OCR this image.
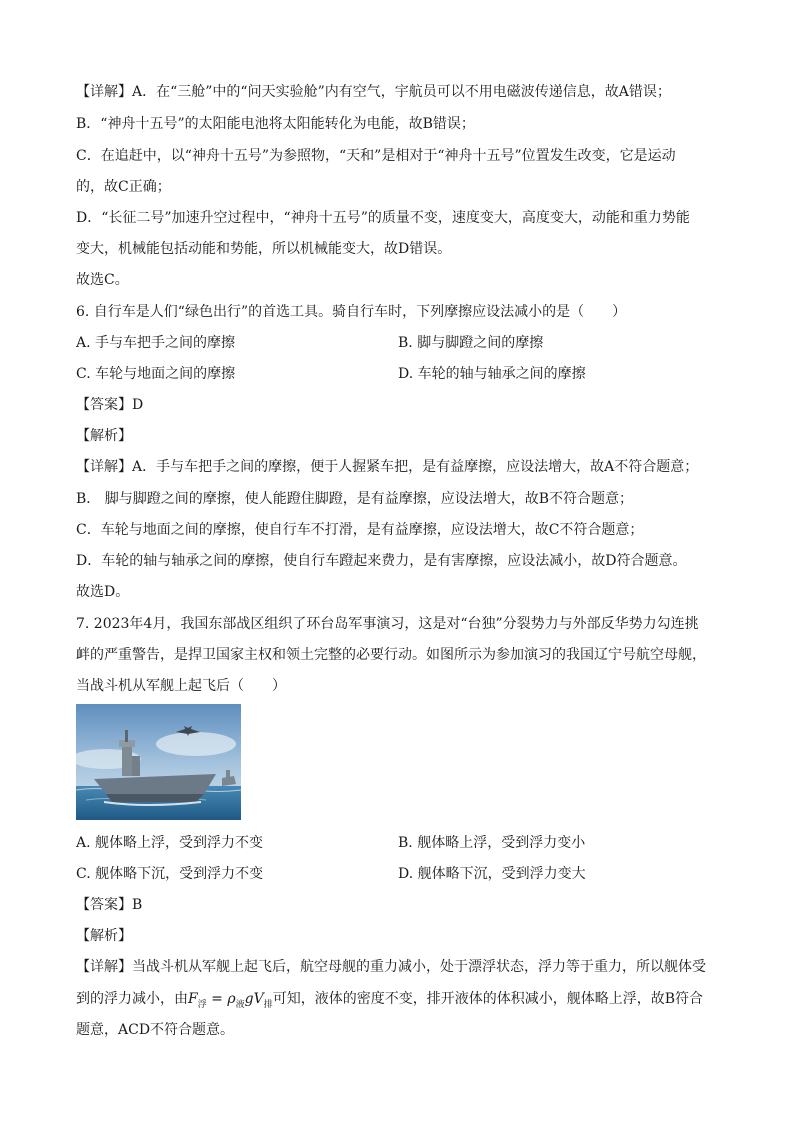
【详解】A．在“三舱”中的“问天实验舱”内有空气，宇航员可以不用电磁波传递信息，故A错误；
B．“神舟十五号”的太阳能电池将太阳能转化为电能，故B错误；
C．在追赶中，以“神舟十五号”为参照物，“天和”是相对于“神舟十五号”位置发生改变，它是运动
的，故C正确；
D．“长征二号”加速升空过程中，“神舟十五号”的质量不变，速度变大，高度变大，动能和重力势能
变大，机械能包括动能和势能，所以机械能变大，故D错误。
故选C。
6. 自行车是人们“绿色出行”的首选工具。骑自行车时，下列摩擦应设法减小的是（　　）
A. 手与车把手之间的摩擦	B. 脚与脚蹬之间的摩擦
C. 车轮与地面之间的摩擦	D. 车轮的轴与轴承之间的摩擦
【答案】D
【解析】
【详解】A．手与车把手之间的摩擦，便于人握紧车把，是有益摩擦，应设法增大，故A不符合题意；
B． 脚与脚蹬之间的摩擦，使人能蹬住脚蹬，是有益摩擦，应设法增大，故B不符合题意；
C．车轮与地面之间的摩擦，使自行车不打滑，是有益摩擦，应设法增大，故C不符合题意；
D．车轮的轴与轴承之间的摩擦，使自行车蹬起来费力，是有害摩擦，应设法减小，故D符合题意。
故选D。
7. 2023年4月，我国东部战区组织了环台岛军事演习，这是对“台独”分裂势力与外部反华势力勾连挑
衅的严重警告，是捍卫国家主权和领土完整的必要行动。如图所示为参加演习的我国辽宁号航空母舰，
当战斗机从军舰上起飞后（　　）
A. 舰体略上浮，受到浮力不变	B. 舰体略上浮，受到浮力变小
C. 舰体略下沉，受到浮力不变	D. 舰体略下沉，受到浮力变大
【答案】B
【解析】
【详解】当战斗机从军舰上起飞后，航空母舰的重力减小，处于漂浮状态，浮力等于重力，所以舰体受
到的浮力减小，由$F_浮 = \rho_液gV_排$可知，液体的密度不变，排开液体的体积减小，舰体略上浮，故B符合
题意，ACD不符合题意。
